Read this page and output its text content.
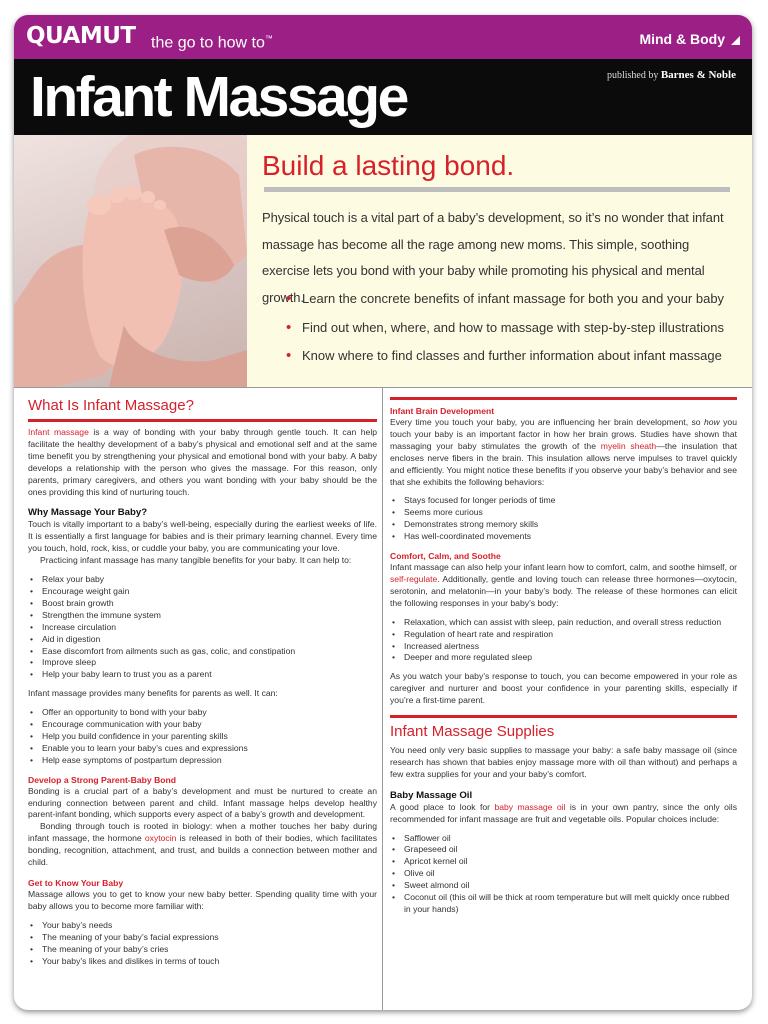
QUAMUT the go to how to™	Mind & Body
Infant Massage	published by Barnes & Noble
Build a lasting bond.
Physical touch is a vital part of a baby’s development, so it’s no wonder that infant massage has become all the rage among new moms. This simple, soothing exercise lets you bond with your baby while promoting his physical and mental growth.
• Learn the concrete benefits of infant massage for both you and your baby
• Find out when, where, and how to massage with step-by-step illustrations
• Know where to find classes and further information about infant massage
What Is Infant Massage?

Infant massage is a way of bonding with your baby through gentle touch. It can help facilitate the healthy development of a baby’s physical and emotional self and at the same time benefit you by strengthening your physical and emotional bond with your baby. A baby develops a relationship with the person who gives the massage. For this reason, only parents, primary caregivers, and others you want bonding with your baby should be the ones providing this kind of nurturing touch.

Why Massage Your Baby?

Touch is vitally important to a baby’s well-being, especially during the earliest weeks of life. It is essentially a first language for babies and is their primary learning channel. Every time you touch, hold, rock, kiss, or cuddle your baby, you are communicating your love.

Practicing infant massage has many tangible benefits for your baby. It can help to:

• Relax your baby
• Encourage weight gain
• Boost brain growth
• Strengthen the immune system
• Increase circulation
• Aid in digestion
• Ease discomfort from ailments such as gas, colic, and constipation
• Improve sleep
• Help your baby learn to trust you as a parent

Infant massage provides many benefits for parents as well. It can:

• Offer an opportunity to bond with your baby
• Encourage communication with your baby
• Help you build confidence in your parenting skills
• Enable you to learn your baby’s cues and expressions
• Help ease symptoms of postpartum depression
Develop a Strong Parent-Baby Bond

Bonding is a crucial part of a baby’s development and must be nurtured to create an enduring connection between parent and child. Infant massage helps develop healthy parent-infant bonding, which supports every aspect of a baby’s growth and development.

Bonding through touch is rooted in biology: when a mother touches her baby during infant massage, the hormone oxytocin is released in both of their bodies, which facilitates bonding, recognition, attachment, and trust, and builds a connection between mother and child.

Get to Know Your Baby

Massage allows you to get to know your new baby better. Spending quality time with your baby allows you to become more familiar with:

• Your baby’s needs
• The meaning of your baby’s facial expressions
• The meaning of your baby’s cries
• Your baby’s likes and dislikes in terms of touch
Infant Brain Development

Every time you touch your baby, you are influencing her brain development, so how you touch your baby is an important factor in how her brain grows. Studies have shown that massaging your baby stimulates the growth of the myelin sheath—the insulation that encloses nerve fibers in the brain. This insulation allows nerve impulses to travel quickly and efficiently. You might notice these benefits if you observe your baby’s behavior and see that she exhibits the following behaviors:

• Stays focused for longer periods of time
• Seems more curious
• Demonstrates strong memory skills
• Has well-coordinated movements
Comfort, Calm, and Soothe

Infant massage can also help your infant learn how to comfort, calm, and soothe himself, or self-regulate. Additionally, gentle and loving touch can release three hormones—oxytocin, serotonin, and melatonin—in your baby’s body. The release of these hormones can elicit the following responses in your baby’s body:

• Relaxation, which can assist with sleep, pain reduction, and overall stress reduction
• Regulation of heart rate and respiration
• Increased alertness
• Deeper and more regulated sleep

As you watch your baby’s response to touch, you can become empowered in your role as caregiver and nurturer and boost your confidence in your parenting skills, especially if you’re a first-time parent.

Infant Massage Supplies

You need only very basic supplies to massage your baby: a safe baby massage oil (since research has shown that babies enjoy massage more with oil than without) and perhaps a few extra supplies for your and your baby’s comfort.

Baby Massage Oil

A good place to look for baby massage oil is in your own pantry, since the only oils recommended for infant massage are fruit and vegetable oils. Popular choices include:

• Safflower oil
• Grapeseed oil
• Apricot kernel oil
• Olive oil
• Sweet almond oil
• Coconut oil (this oil will be thick at room temperature but will melt quickly once rubbed in your hands)
